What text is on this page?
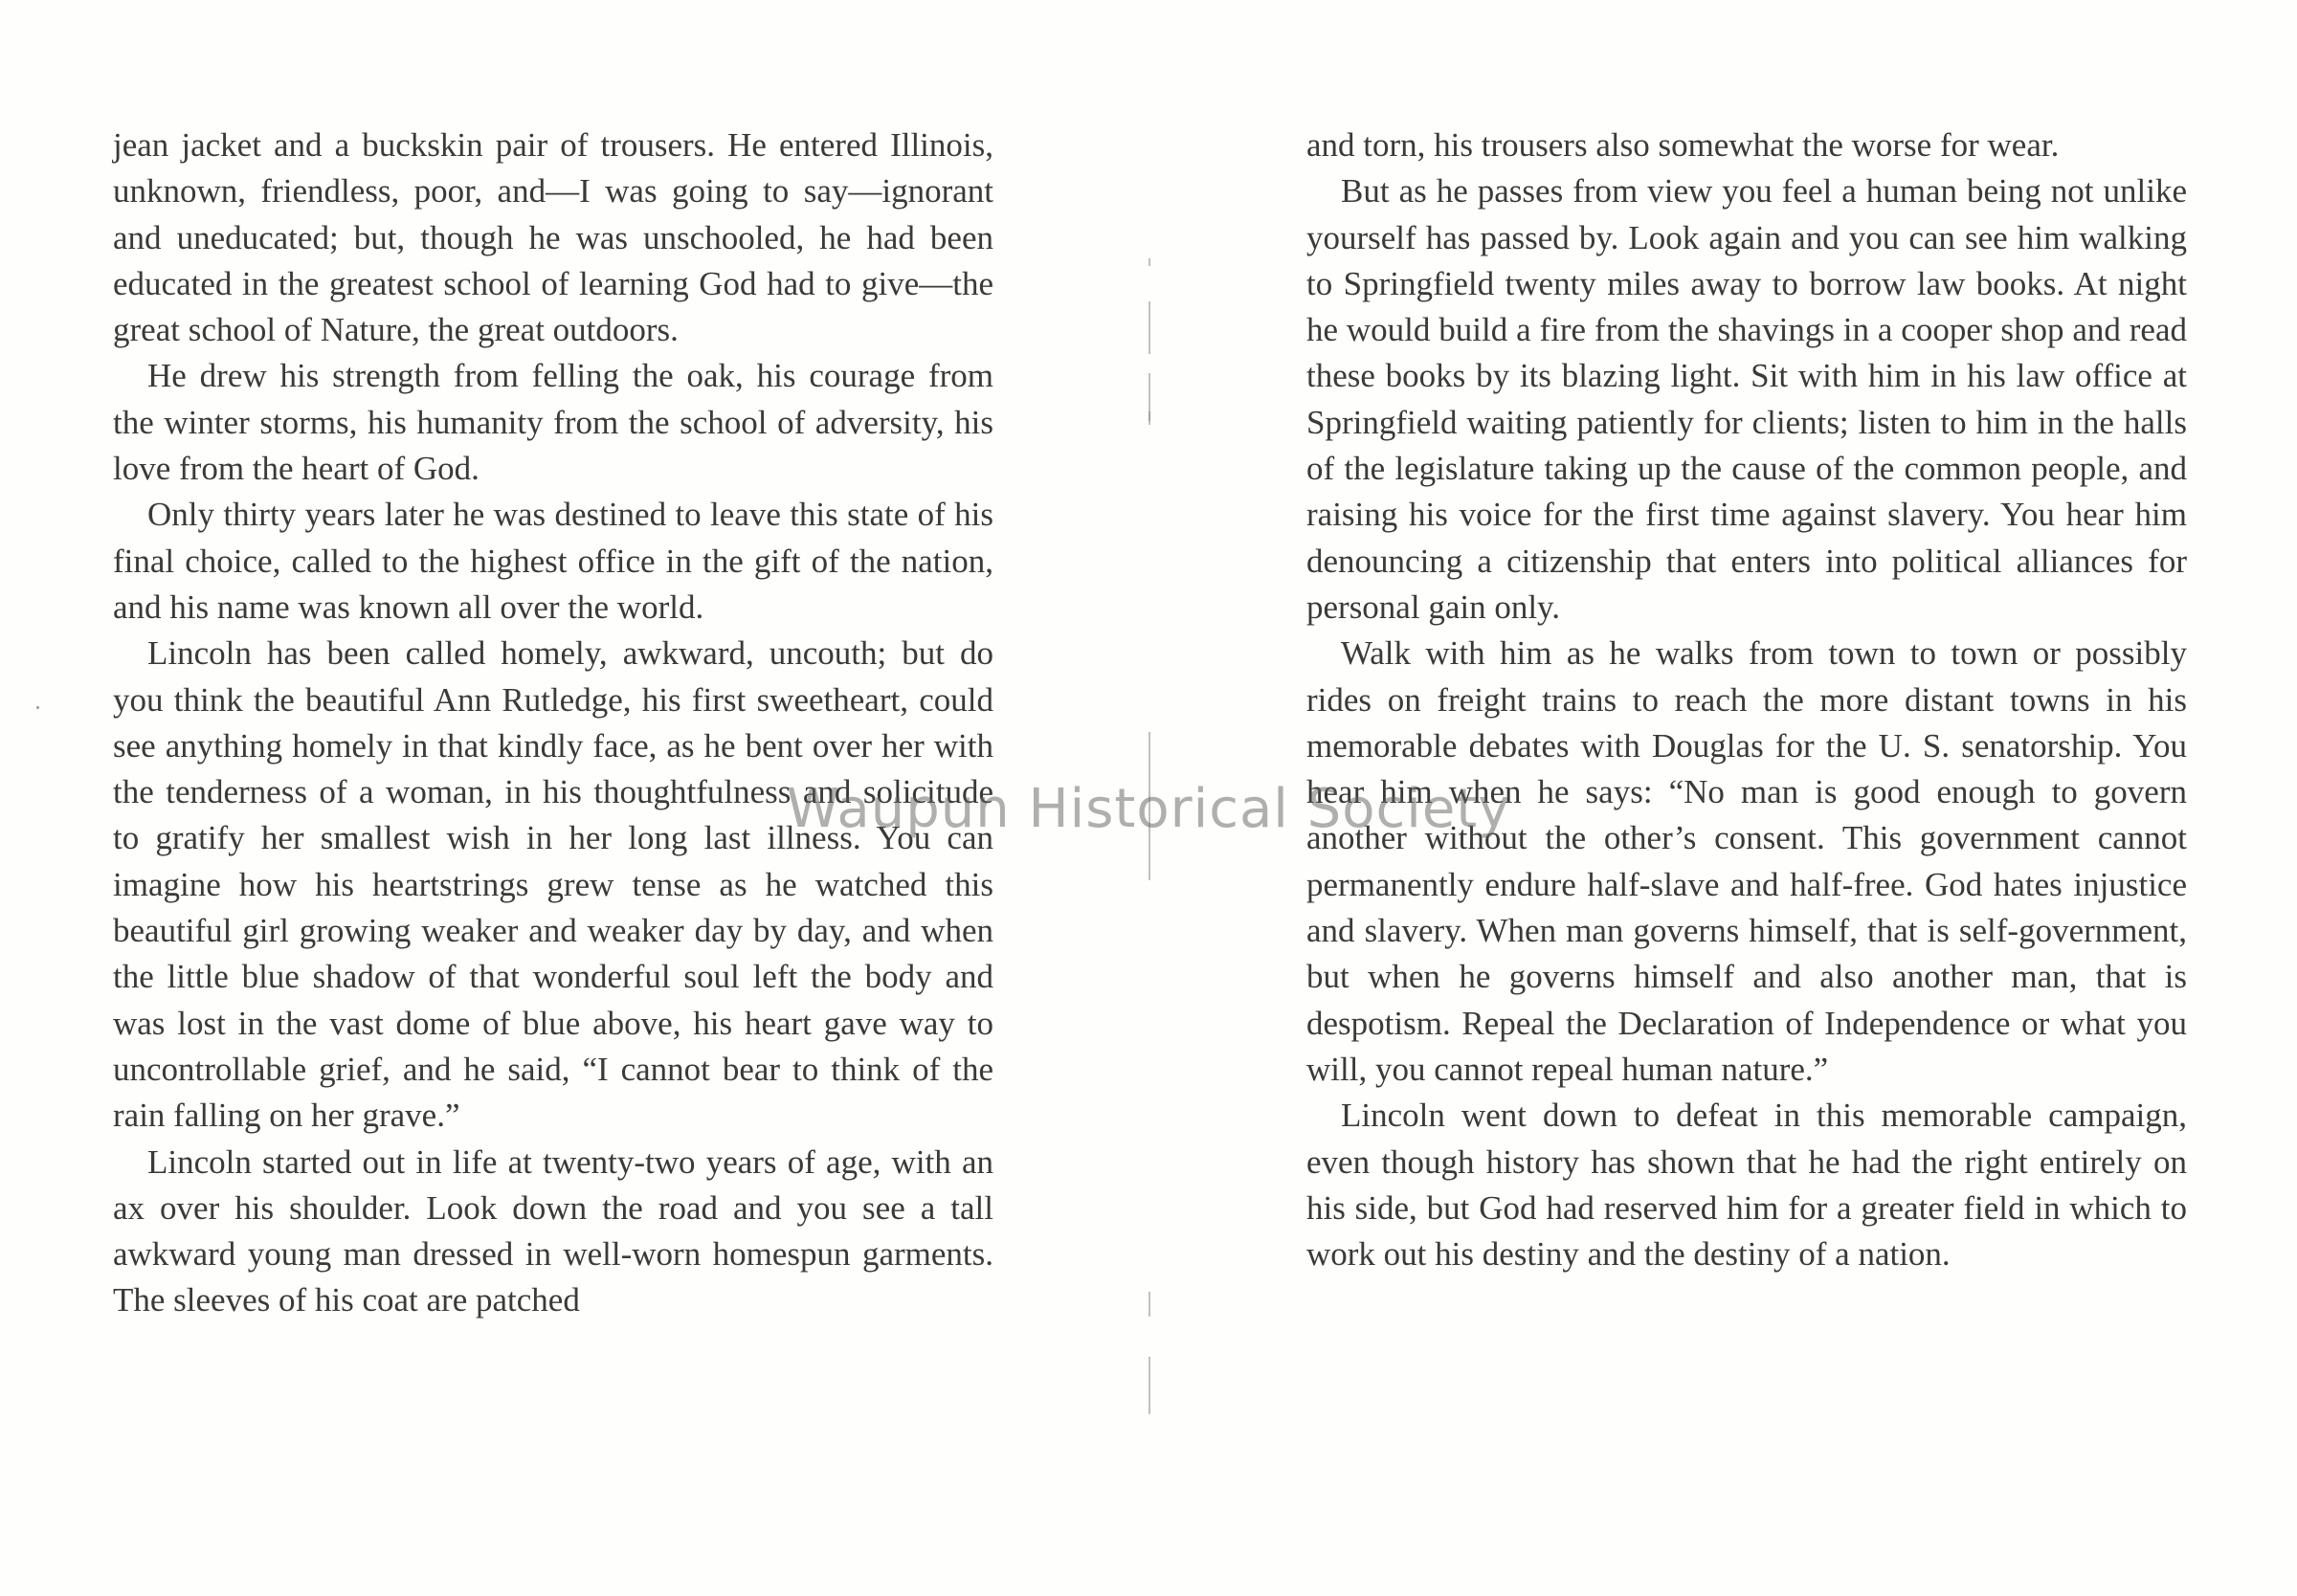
jean jacket and a buckskin pair of trousers. He entered Illinois, unknown, friendless, poor, and—I was going to say—ignorant and uneducated; but, though he was unschooled, he had been educated in the greatest school of learning God had to give—the great school of Nature, the great outdoors.

He drew his strength from felling the oak, his courage from the winter storms, his humanity from the school of adversity, his love from the heart of God.

Only thirty years later he was destined to leave this state of his final choice, called to the highest office in the gift of the nation, and his name was known all over the world.

Lincoln has been called homely, awkward, uncouth; but do you think the beautiful Ann Rutledge, his first sweetheart, could see anything homely in that kindly face, as he bent over her with the tenderness of a woman, in his thoughtfulness and solicitude to gratify her smallest wish in her long last illness. You can imagine how his heartstrings grew tense as he watched this beautiful girl growing weaker and weaker day by day, and when the little blue shadow of that wonderful soul left the body and was lost in the vast dome of blue above, his heart gave way to uncontrollable grief, and he said, “I cannot bear to think of the rain falling on her grave.”

Lincoln started out in life at twenty-two years of age, with an ax over his shoulder. Look down the road and you see a tall awkward young man dressed in well-worn homespun garments. The sleeves of his coat are patched

and torn, his trousers also somewhat the worse for wear.

But as he passes from view you feel a human being not unlike yourself has passed by. Look again and you can see him walking to Springfield twenty miles away to borrow law books. At night he would build a fire from the shavings in a cooper shop and read these books by its blazing light. Sit with him in his law office at Springfield waiting patiently for clients; listen to him in the halls of the legislature taking up the cause of the common people, and raising his voice for the first time against slavery. You hear him denouncing a citizenship that enters into political alliances for personal gain only.

Walk with him as he walks from town to town or possibly rides on freight trains to reach the more distant towns in his memorable debates with Douglas for the U. S. senatorship. You hear him when he says: “No man is good enough to govern another without the other’s consent. This government cannot permanently endure half-slave and half-free. God hates injustice and slavery. When man governs himself, that is self-government, but when he governs himself and also another man, that is despotism. Repeal the Declaration of Independence or what you will, you cannot repeal human nature.”

Lincoln went down to defeat in this memorable campaign, even though history has shown that he had the right entirely on his side, but God had reserved him for a greater field in which to work out his destiny and the destiny of a nation.

Waupun Historical Society
